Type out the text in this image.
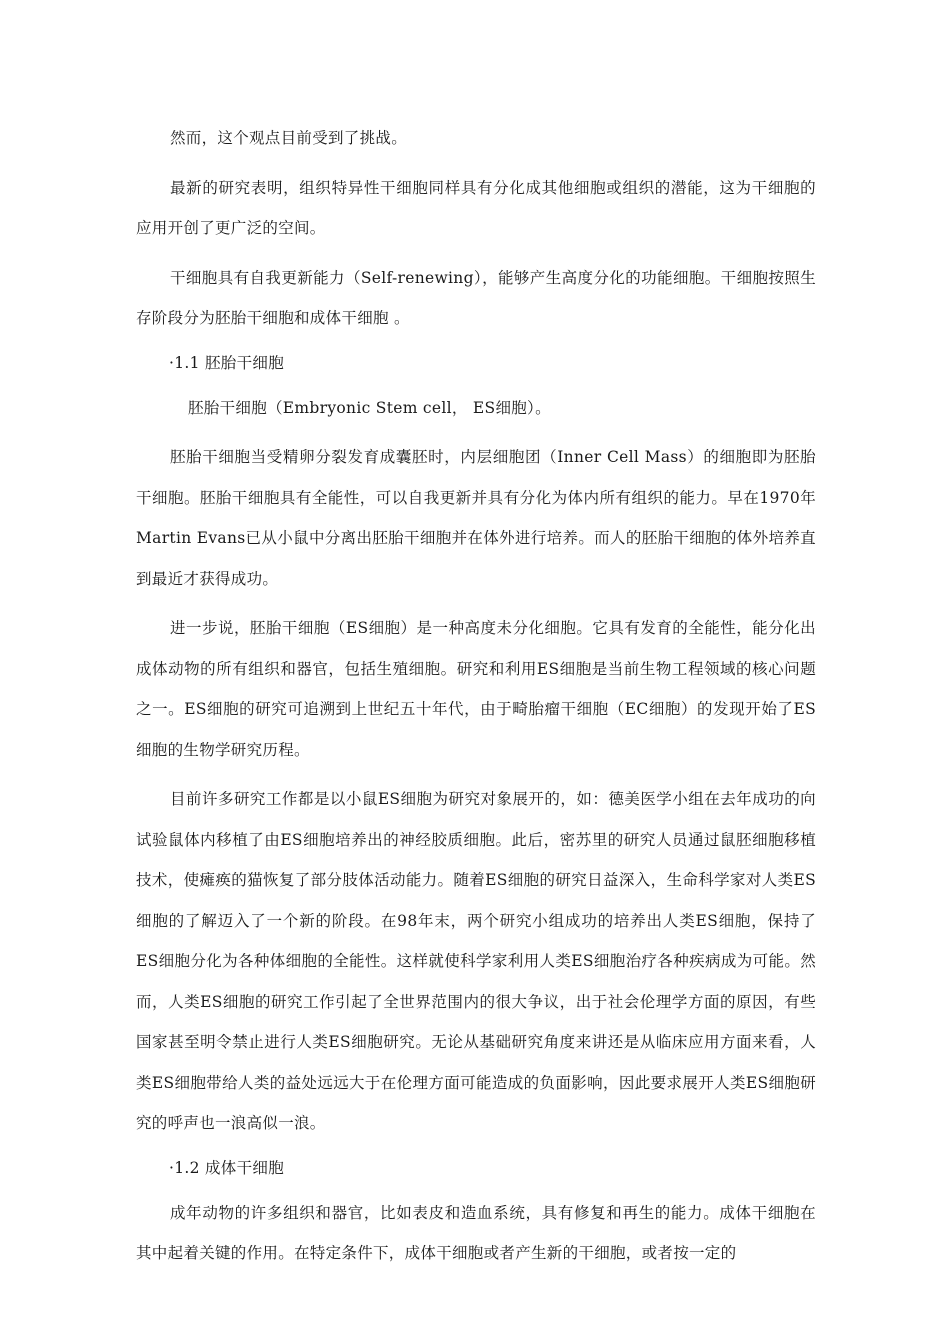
然而，这个观点目前受到了挑战。

最新的研究表明，组织特异性干细胞同样具有分化成其他细胞或组织的潜能，这为干细胞的应用开创了更广泛的空间。

干细胞具有自我更新能力（Self-renewing），能够产生高度分化的功能细胞。干细胞按照生存阶段分为胚胎干细胞和成体干细胞 。

·1.1 胚胎干细胞

胚胎干细胞（Embryonic Stem cell， ES细胞）。

胚胎干细胞当受精卵分裂发育成囊胚时，内层细胞团（Inner Cell Mass）的细胞即为胚胎干细胞。胚胎干细胞具有全能性，可以自我更新并具有分化为体内所有组织的能力。早在1970年Martin Evans已从小鼠中分离出胚胎干细胞并在体外进行培养。而人的胚胎干细胞的体外培养直到最近才获得成功。

进一步说，胚胎干细胞（ES细胞）是一种高度未分化细胞。它具有发育的全能性，能分化出成体动物的所有组织和器官，包括生殖细胞。研究和利用ES细胞是当前生物工程领域的核心问题之一。ES细胞的研究可追溯到上世纪五十年代，由于畸胎瘤干细胞（EC细胞）的发现开始了ES细胞的生物学研究历程。

目前许多研究工作都是以小鼠ES细胞为研究对象展开的，如：德美医学小组在去年成功的向试验鼠体内移植了由ES细胞培养出的神经胶质细胞。此后，密苏里的研究人员通过鼠胚细胞移植技术，使瘫痪的猫恢复了部分肢体活动能力。随着ES细胞的研究日益深入，生命科学家对人类ES细胞的了解迈入了一个新的阶段。在98年末，两个研究小组成功的培养出人类ES细胞，保持了ES细胞分化为各种体细胞的全能性。这样就使科学家利用人类ES细胞治疗各种疾病成为可能。然而，人类ES细胞的研究工作引起了全世界范围内的很大争议，出于社会伦理学方面的原因，有些国家甚至明令禁止进行人类ES细胞研究。无论从基础研究角度来讲还是从临床应用方面来看，人类ES细胞带给人类的益处远远大于在伦理方面可能造成的负面影响，因此要求展开人类ES细胞研究的呼声也一浪高似一浪。

·1.2 成体干细胞

成年动物的许多组织和器官，比如表皮和造血系统，具有修复和再生的能力。成体干细胞在其中起着关键的作用。在特定条件下，成体干细胞或者产生新的干细胞，或者按一定的
